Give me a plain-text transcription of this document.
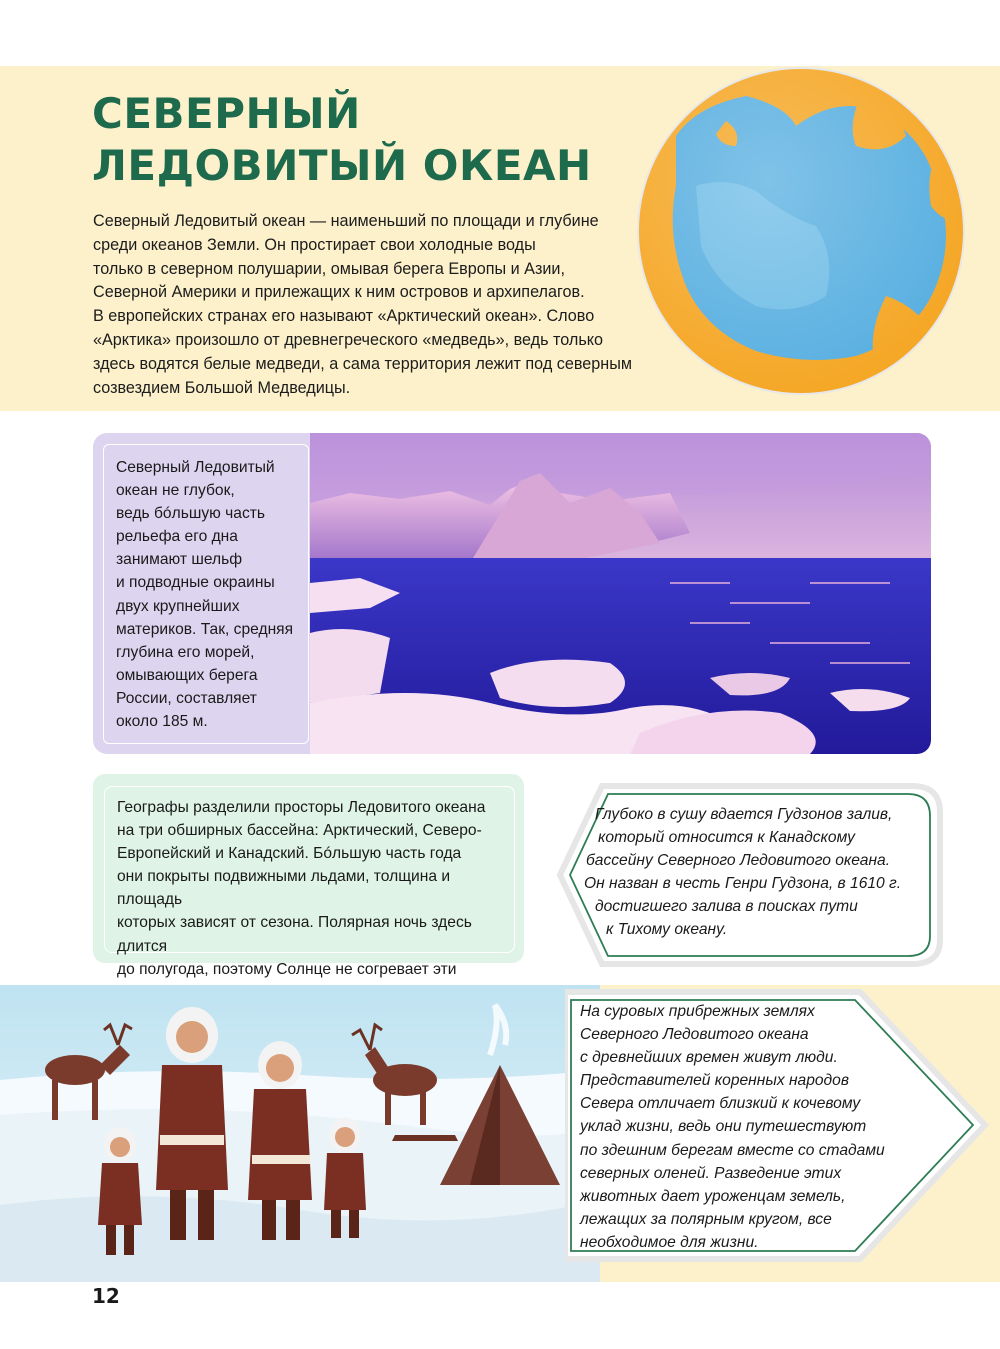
СЕВЕРНЫЙ
ЛЕДОВИТЫЙ ОКЕАН
Северный Ледовитый океан — наименьший по площади и глубине
среди океанов Земли. Он простирает свои холодные воды
только в северном полушарии, омывая берега Европы и Азии,
Северной Америки и прилежащих к ним островов и архипелагов.
В европейских странах его называют «Арктический океан». Слово
«Арктика» произошло от древнегреческого «медведь», ведь только
здесь водятся белые медведи, а сама территория лежит под северным
созвездием Большой Медведицы.
Северный Ледовитый
океан не глубок,
ведь бóльшую часть
рельефа его дна
занимают шельф
и подводные окраины
двух крупнейших
материков. Так, средняя
глубина его морей,
омывающих берега
России, составляет
около 185 м.
Географы разделили просторы Ледовитого океана
на три обширных бассейна: Арктический, Северо-
Европейский и Канадский. Бóльшую часть года
они покрыты подвижными льдами, толщина и площадь
которых зависят от сезона. Полярная ночь здесь длится
до полугода, поэтому Солнце не согревает эти
Глубоко в сушу вдается Гудзонов залив,
который относится к Канадскому
бассейну Северного Ледовитого океана.
Он назван в честь Генри Гудзона, в 1610 г.
достигшего залива в поисках пути
к Тихому океану.
На суровых прибрежных землях
Северного Ледовитого океана
с древнейших времен живут люди.
Представителей коренных народов
Севера отличает близкий к кочевому
уклад жизни, ведь они путешествуют
по здешним берегам вместе со стадами
северных оленей. Разведение этих
животных дает уроженцам земель,
лежащих за полярным кругом, все
необходимое для жизни.
12
